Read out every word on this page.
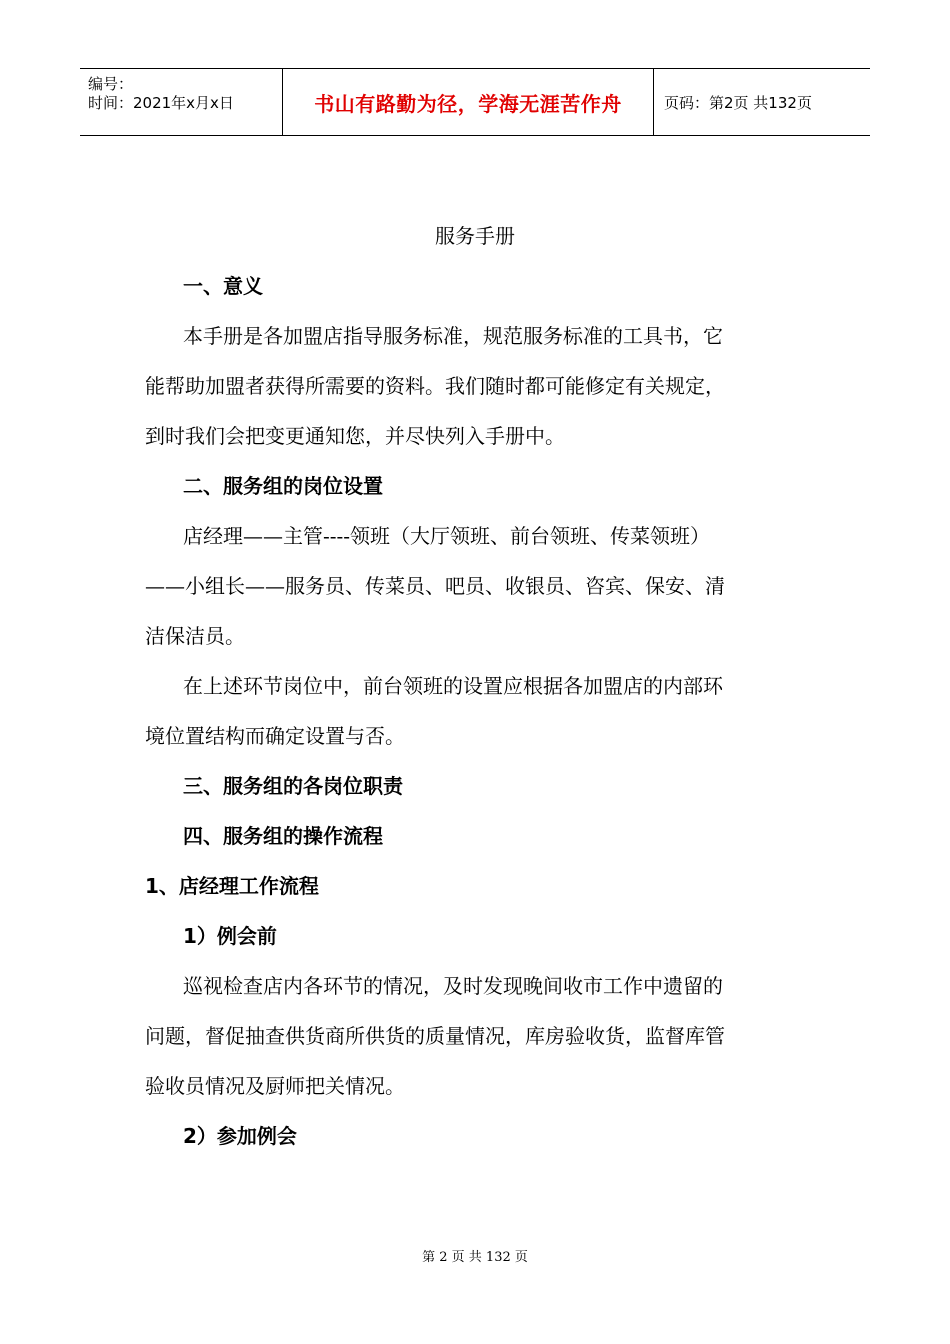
编号：
时间：2021年x月x日	书山有路勤为径，学海无涯苦作舟	页码：第2页 共132页
服务手册
一、意义
本手册是各加盟店指导服务标准，规范服务标准的工具书，它
能帮助加盟者获得所需要的资料。我们随时都可能修定有关规定，
到时我们会把变更通知您，并尽快列入手册中。
二、服务组的岗位设置
店经理——主管----领班（大厅领班、前台领班、传菜领班）
——小组长——服务员、传菜员、吧员、收银员、咨宾、保安、清
洁保洁员。
在上述环节岗位中，前台领班的设置应根据各加盟店的内部环
境位置结构而确定设置与否。
三、服务组的各岗位职责
四、服务组的操作流程
1、店经理工作流程
1）例会前
巡视检查店内各环节的情况，及时发现晚间收市工作中遗留的
问题，督促抽查供货商所供货的质量情况，库房验收货，监督库管
验收员情况及厨师把关情况。
2）参加例会
第 2 页 共 132 页
